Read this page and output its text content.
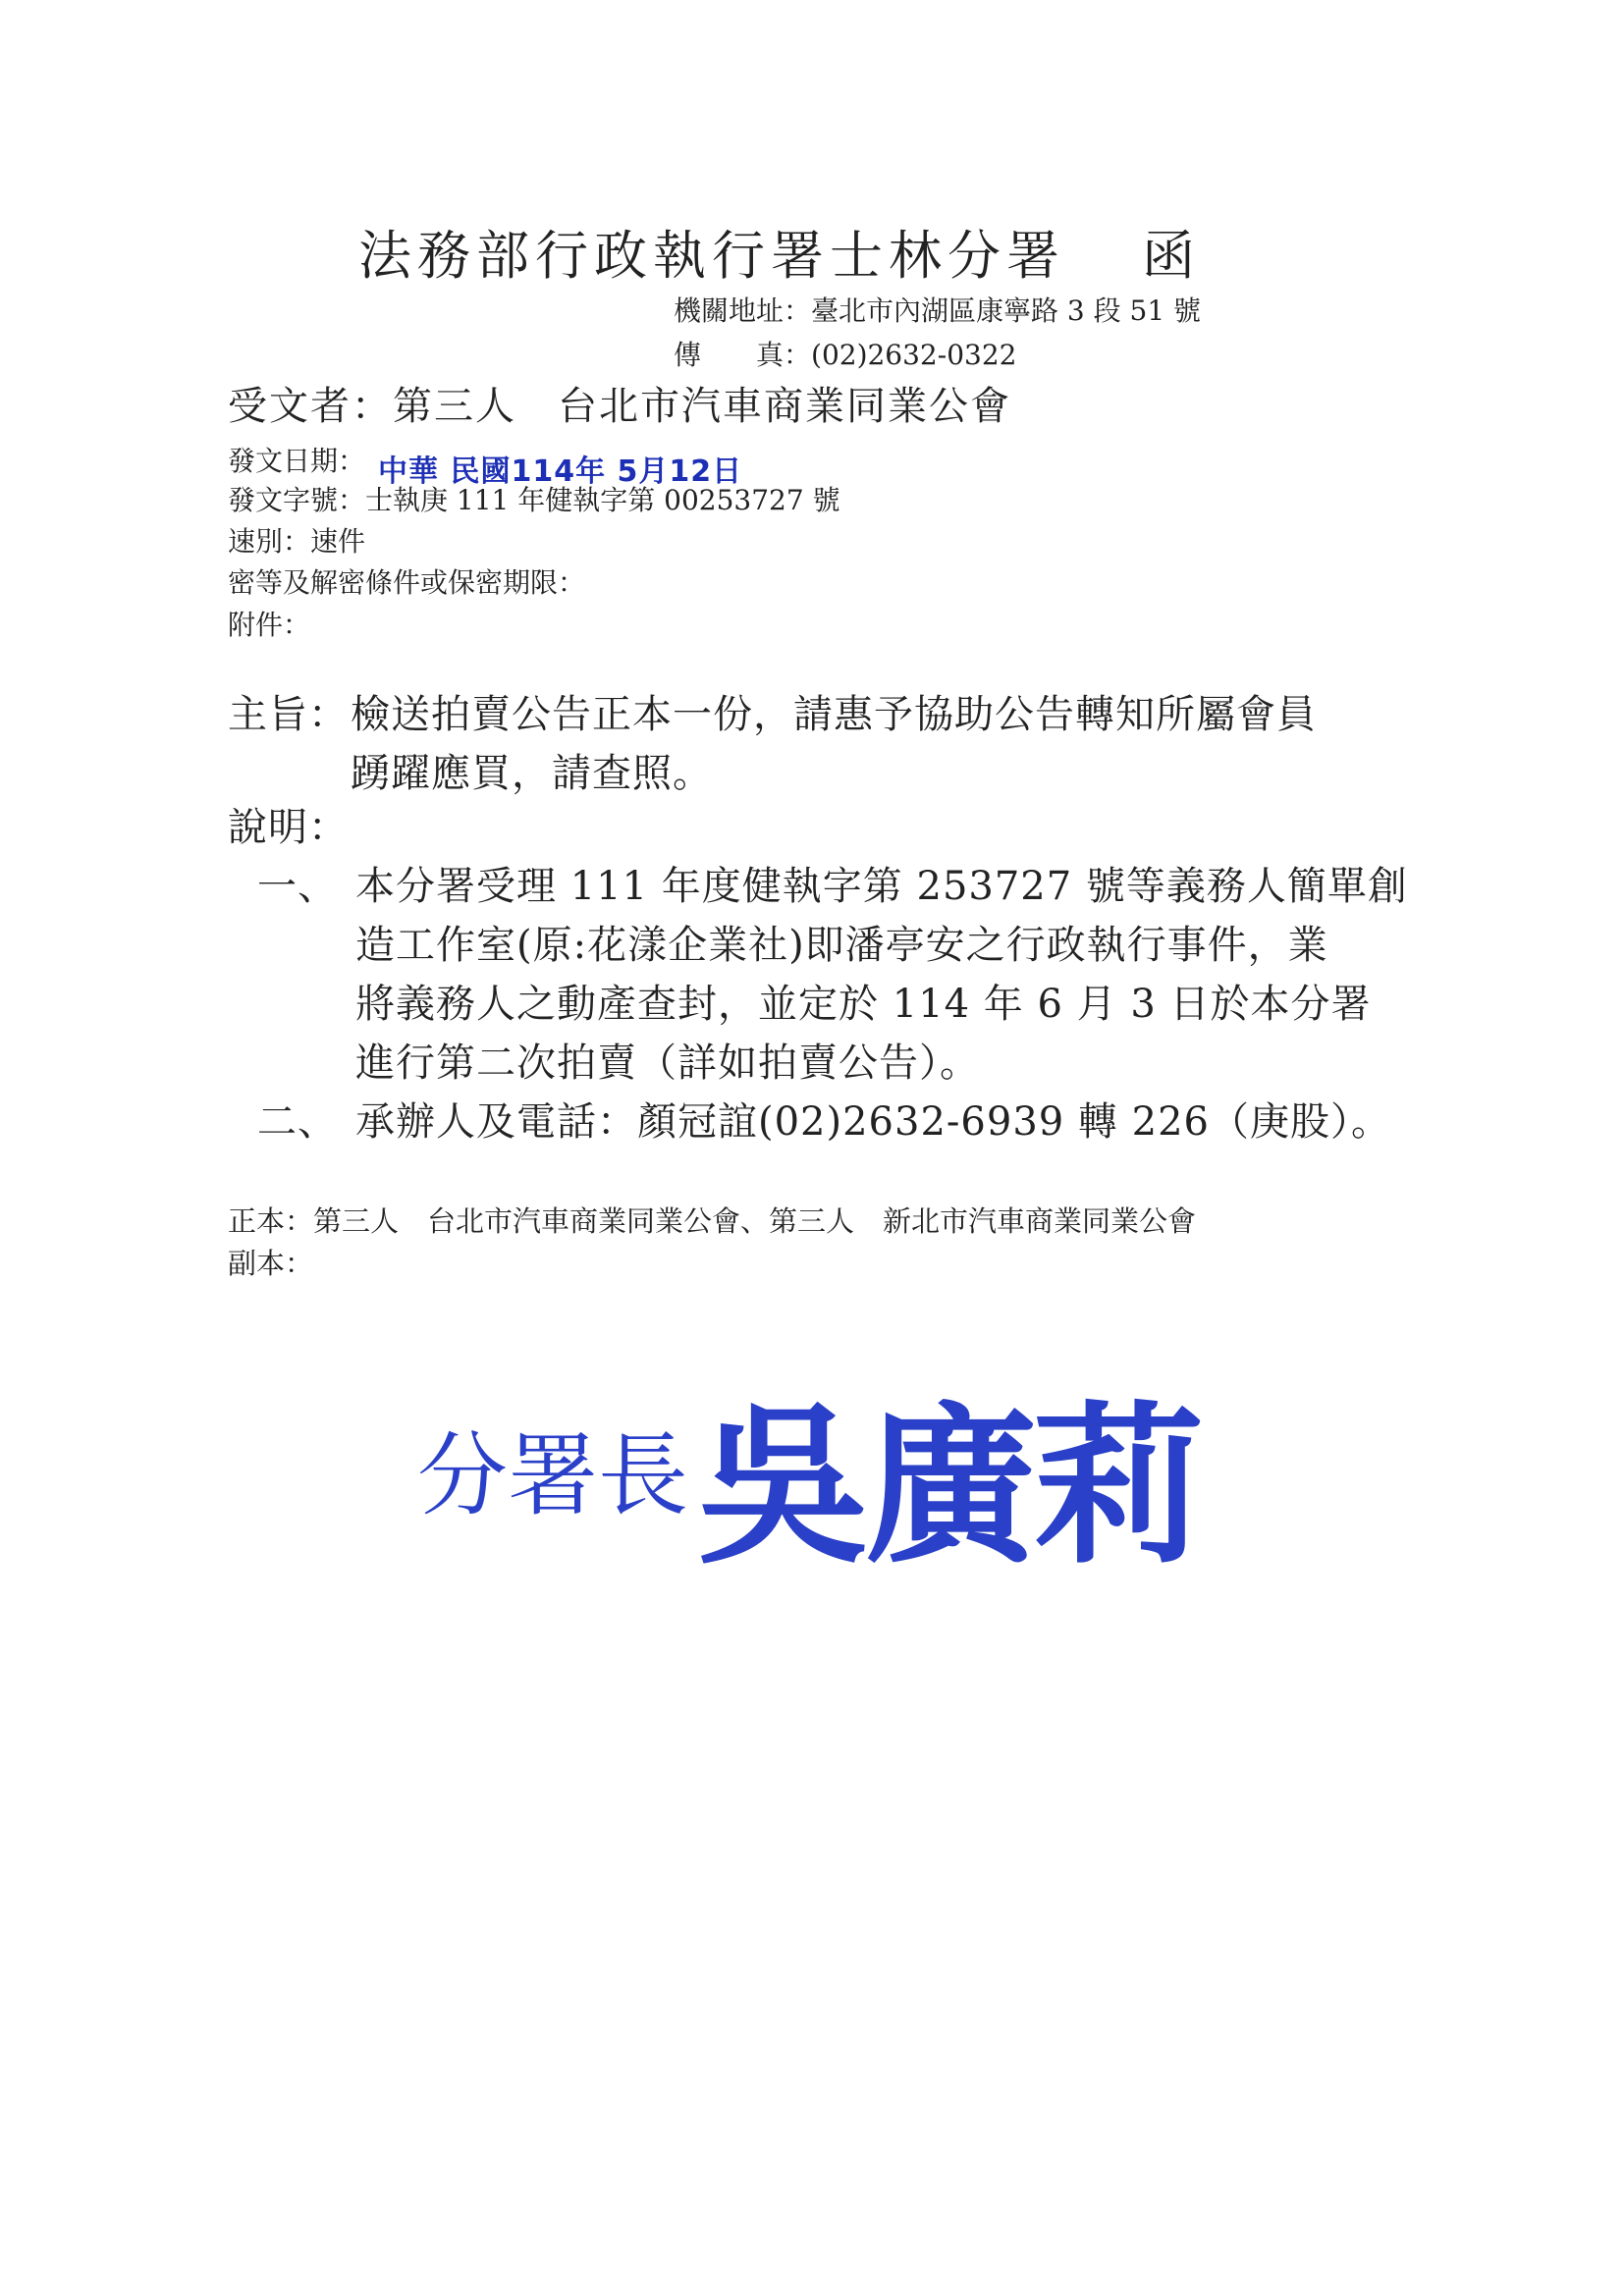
法務部行政執行署士林分署 函
機關地址：臺北市內湖區康寧路 3 段 51 號
傳　　真：(02)2632-0322
受文者：第三人　台北市汽車商業同業公會
發文日期： 中華 民國114年 5月12日
發文字號：士執庚 111 年健執字第 00253727 號
速別：速件
密等及解密條件或保密期限：
附件：
主旨： 檢送拍賣公告正本一份，請惠予協助公告轉知所屬會員
踴躍應買，請查照。
說明：
一、 本分署受理 111 年度健執字第 253727 號等義務人簡單創
造工作室(原:花漾企業社)即潘亭安之行政執行事件，業
將義務人之動產查封，並定於 114 年 6 月 3 日於本分署
進行第二次拍賣（詳如拍賣公告）。
二、 承辦人及電話：顏冠誼(02)2632-6939 轉 226（庚股）。
正本：第三人　台北市汽車商業同業公會、第三人　新北市汽車商業同業公會
副本：
分署長 吳廣莉
